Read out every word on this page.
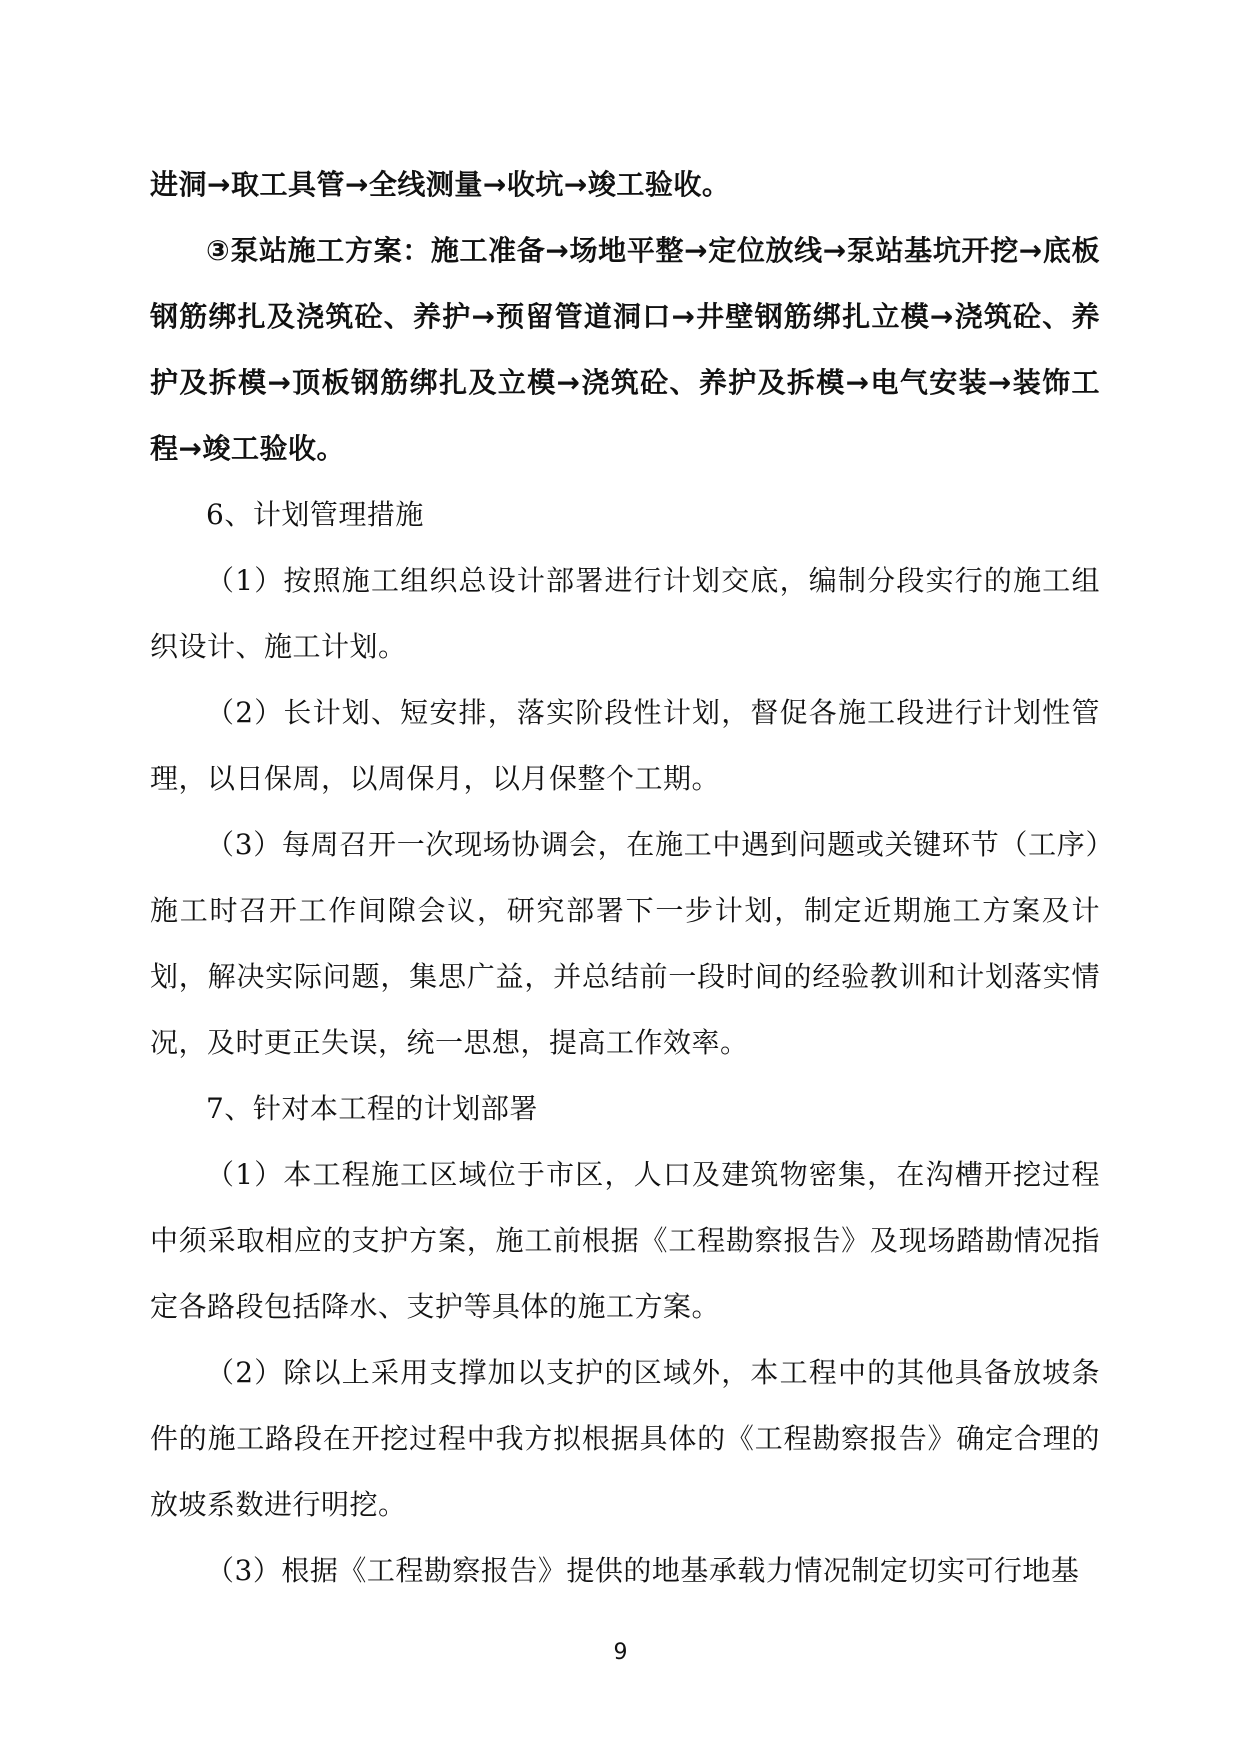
进洞→取工具管→全线测量→收坑→竣工验收。

③泵站施工方案：施工准备→场地平整→定位放线→泵站基坑开挖→底板钢筋绑扎及浇筑砼、养护→预留管道洞口→井壁钢筋绑扎立模→浇筑砼、养护及拆模→顶板钢筋绑扎及立模→浇筑砼、养护及拆模→电气安装→装饰工程→竣工验收。

6、计划管理措施

（1）按照施工组织总设计部署进行计划交底，编制分段实行的施工组织设计、施工计划。

（2）长计划、短安排，落实阶段性计划，督促各施工段进行计划性管理，以日保周，以周保月，以月保整个工期。

（3）每周召开一次现场协调会，在施工中遇到问题或关键环节（工序）施工时召开工作间隙会议，研究部署下一步计划，制定近期施工方案及计划，解决实际问题，集思广益，并总结前一段时间的经验教训和计划落实情况，及时更正失误，统一思想，提高工作效率。

7、针对本工程的计划部署

（1）本工程施工区域位于市区，人口及建筑物密集，在沟槽开挖过程中须采取相应的支护方案，施工前根据《工程勘察报告》及现场踏勘情况指定各路段包括降水、支护等具体的施工方案。

（2）除以上采用支撑加以支护的区域外，本工程中的其他具备放坡条件的施工路段在开挖过程中我方拟根据具体的《工程勘察报告》确定合理的放坡系数进行明挖。

（3）根据《工程勘察报告》提供的地基承载力情况制定切实可行地基

9
